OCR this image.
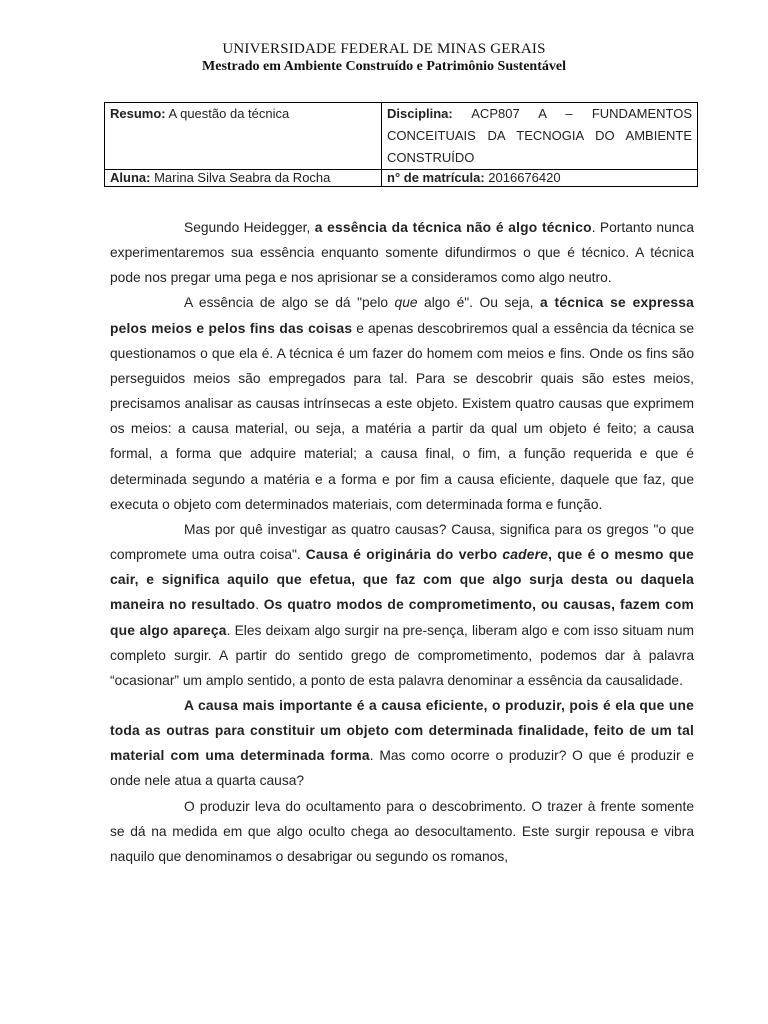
UNIVERSIDADE FEDERAL DE MINAS GERAIS
Mestrado em Ambiente Construído e Patrimônio Sustentável
Resumo: A questão da técnica	Disciplina: ACP807 A – FUNDAMENTOS CONCEITUAIS DA TECNOGIA DO AMBIENTE CONSTRUÍDO
Aluna: Marina Silva Seabra da Rocha	n° de matrícula: 2016676420

Segundo Heidegger, a essência da técnica não é algo técnico. Portanto nunca experimentaremos sua essência enquanto somente difundirmos o que é técnico. A técnica pode nos pregar uma pega e nos aprisionar se a consideramos como algo neutro.

A essência de algo se dá "pelo que algo é". Ou seja, a técnica se expressa pelos meios e pelos fins das coisas e apenas descobriremos qual a essência da técnica se questionamos o que ela é. A técnica é um fazer do homem com meios e fins. Onde os fins são perseguidos meios são empregados para tal. Para se descobrir quais são estes meios, precisamos analisar as causas intrínsecas a este objeto. Existem quatro causas que exprimem os meios: a causa material, ou seja, a matéria a partir da qual um objeto é feito; a causa formal, a forma que adquire material; a causa final, o fim, a função requerida e que é determinada segundo a matéria e a forma e por fim a causa eficiente, daquele que faz, que executa o objeto com determinados materiais, com determinada forma e função.

Mas por quê investigar as quatro causas? Causa, significa para os gregos "o que compromete uma outra coisa". Causa é originária do verbo cadere, que é o mesmo que cair, e significa aquilo que efetua, que faz com que algo surja desta ou daquela maneira no resultado. Os quatro modos de comprometimento, ou causas, fazem com que algo apareça. Eles deixam algo surgir na pre-sença, liberam algo e com isso situam num completo surgir. A partir do sentido grego de comprometimento, podemos dar à palavra “ocasionar” um amplo sentido, a ponto de esta palavra denominar a essência da causalidade.

A causa mais importante é a causa eficiente, o produzir, pois é ela que une toda as outras para constituir um objeto com determinada finalidade, feito de um tal material com uma determinada forma. Mas como ocorre o produzir? O que é produzir e onde nele atua a quarta causa?

O produzir leva do ocultamento para o descobrimento. O trazer à frente somente se dá na medida em que algo oculto chega ao desocultamento. Este surgir repousa e vibra naquilo que denominamos o desabrigar ou segundo os romanos,
